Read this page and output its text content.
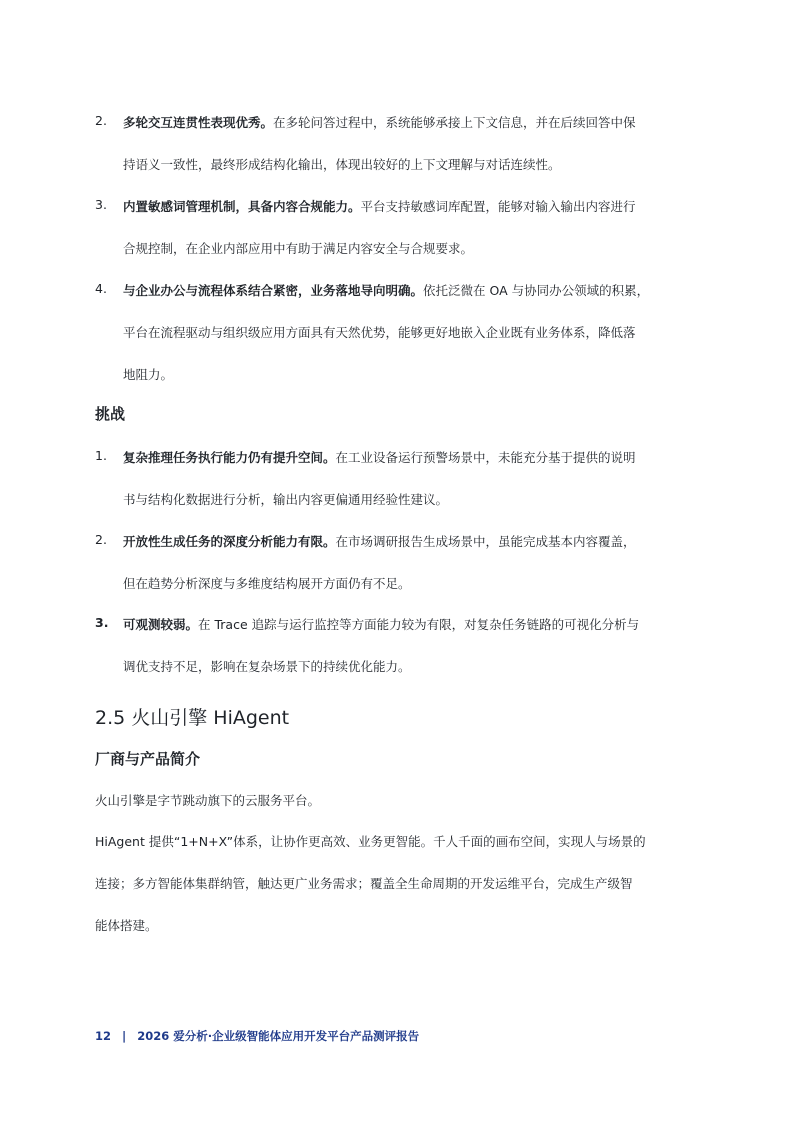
2.	多轮交互连贯性表现优秀。在多轮问答过程中，系统能够承接上下文信息，并在后续回答中保
持语义一致性，最终形成结构化输出，体现出较好的上下文理解与对话连续性。
3.	内置敏感词管理机制，具备内容合规能力。平台支持敏感词库配置，能够对输入输出内容进行
合规控制，在企业内部应用中有助于满足内容安全与合规要求。
4.	与企业办公与流程体系结合紧密，业务落地导向明确。依托泛微在 OA 与协同办公领域的积累，
平台在流程驱动与组织级应用方面具有天然优势，能够更好地嵌入企业既有业务体系，降低落
地阻力。
挑战
1.	复杂推理任务执行能力仍有提升空间。在工业设备运行预警场景中，未能充分基于提供的说明
书与结构化数据进行分析，输出内容更偏通用经验性建议。
2.	开放性生成任务的深度分析能力有限。在市场调研报告生成场景中，虽能完成基本内容覆盖，
但在趋势分析深度与多维度结构展开方面仍有不足。
3.	可观测较弱。在 Trace 追踪与运行监控等方面能力较为有限，对复杂任务链路的可视化分析与
调优支持不足，影响在复杂场景下的持续优化能力。
2.5 火山引擎 HiAgent
厂商与产品简介
火山引擎是字节跳动旗下的云服务平台。
HiAgent 提供“1+N+X”体系，让协作更高效、业务更智能。千人千面的画布空间，实现人与场景的
连接；多方智能体集群纳管，触达更广业务需求；覆盖全生命周期的开发运维平台，完成生产级智
能体搭建。
12 | 2026 爱分析·企业级智能体应用开发平台产品测评报告
